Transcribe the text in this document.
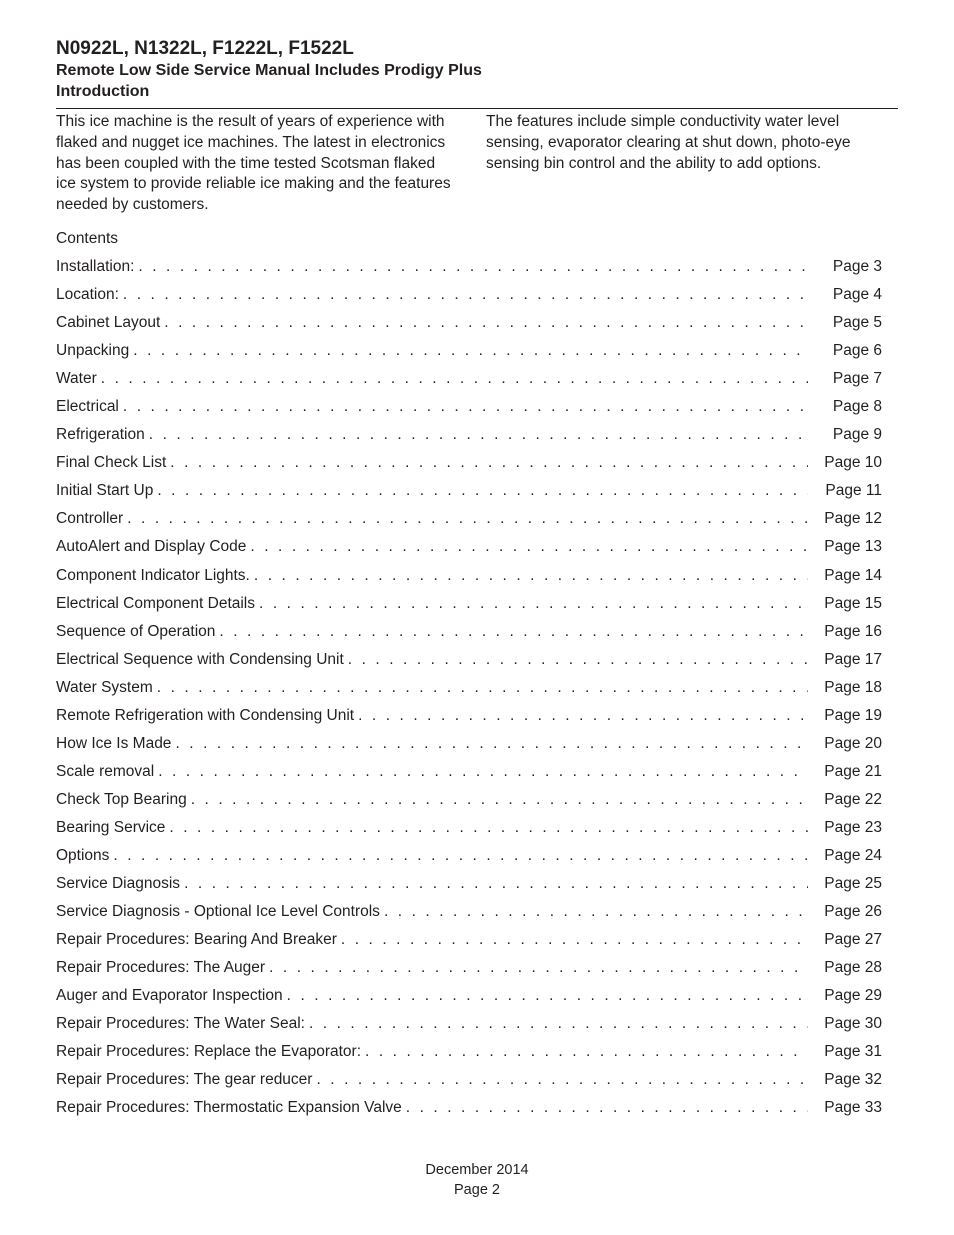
N0922L, N1322L, F1222L, F1522L

Remote Low Side Service Manual Includes Prodigy Plus

Introduction

This ice machine is the result of years of experience with flaked and nugget ice machines. The latest in electronics has been coupled with the time tested Scotsman flaked ice system to provide reliable ice making and the features needed by customers.
The features include simple conductivity water level sensing, evaporator clearing at shut down, photo-eye sensing bin control and the ability to add options.
Contents
Installation: . . .	Page 3
Location: . . .	Page 4
Cabinet Layout . . .	Page 5
Unpacking . . .	Page 6
Water . . .	Page 7
Electrical . . .	Page 8
Refrigeration . . .	Page 9
Final Check List . . .	Page 10
Initial Start Up . . .	Page 11
Controller . . .	Page 12
AutoAlert and Display Code . . .	Page 13
Component Indicator Lights. . . .	Page 14
Electrical Component Details . . .	Page 15
Sequence of Operation . . .	Page 16
Electrical Sequence with Condensing Unit . . .	Page 17
Water System . . .	Page 18
Remote Refrigeration with Condensing Unit . . .	Page 19
How Ice Is Made . . .	Page 20
Scale removal . . .	Page 21
Check Top Bearing . . .	Page 22
Bearing Service . . .	Page 23
Options . . .	Page 24
Service Diagnosis . . .	Page 25
Service Diagnosis - Optional Ice Level Controls . . .	Page 26
Repair Procedures: Bearing And Breaker . . .	Page 27
Repair Procedures: The Auger . . .	Page 28
Auger and Evaporator Inspection . . .	Page 29
Repair Procedures: The Water Seal: . . .	Page 30
Repair Procedures: Replace the Evaporator: . . .	Page 31
Repair Procedures: The gear reducer . . .	Page 32
Repair Procedures: Thermostatic Expansion Valve . . .	Page 33
December 2014
Page 2
